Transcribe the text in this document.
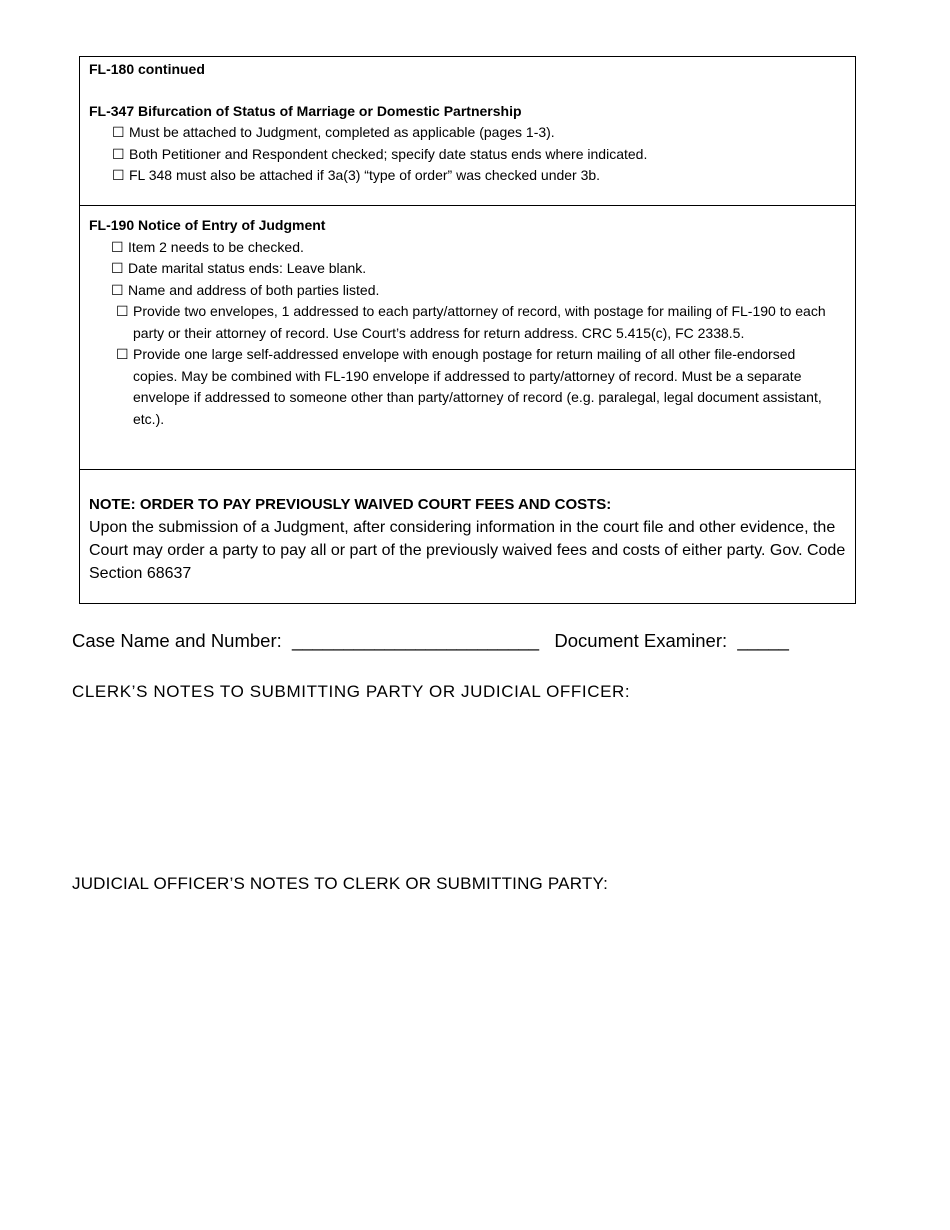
FL-180 continued
FL-347 Bifurcation of Status of Marriage or Domestic Partnership
☐ Must be attached to Judgment, completed as applicable (pages 1-3).
☐ Both Petitioner and Respondent checked; specify date status ends where indicated.
☐ FL 348 must also be attached if 3a(3) “type of order” was checked under 3b.
FL-190 Notice of Entry of Judgment
☐ Item 2 needs to be checked.
☐ Date marital status ends: Leave blank.
☐ Name and address of both parties listed.
☐ Provide two envelopes, 1 addressed to each party/attorney of record, with postage for mailing of FL-190 to each party or their attorney of record. Use Court’s address for return address. CRC 5.415(c), FC 2338.5.
☐ Provide one large self-addressed envelope with enough postage for return mailing of all other file-endorsed copies. May be combined with FL-190 envelope if addressed to party/attorney of record. Must be a separate envelope if addressed to someone other than party/attorney of record (e.g. paralegal, legal document assistant, etc.).
NOTE: ORDER TO PAY PREVIOUSLY WAIVED COURT FEES AND COSTS:
Upon the submission of a Judgment, after considering information in the court file and other evidence, the Court may order a party to pay all or part of the previously waived fees and costs of either party. Gov. Code Section 68637
Case Name and Number: ________________________ Document Examiner: _____
CLERK’S NOTES TO SUBMITTING PARTY OR JUDICIAL OFFICER:
JUDICIAL OFFICER’S NOTES TO CLERK OR SUBMITTING PARTY:
